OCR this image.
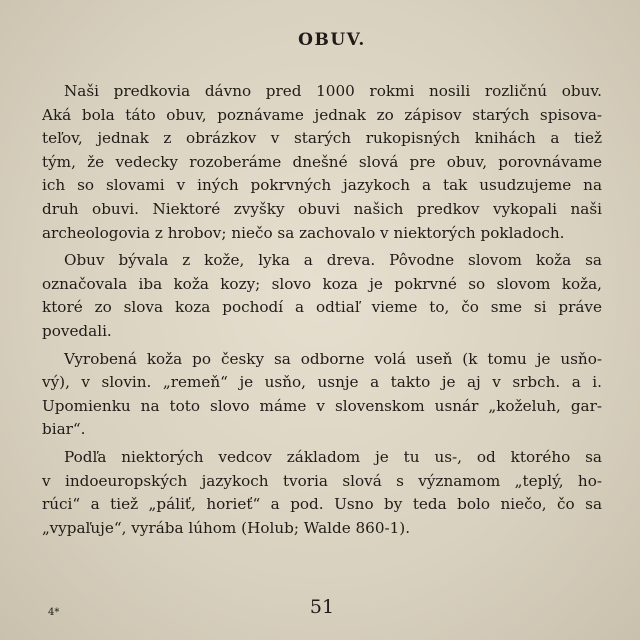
OBUV.

Naši predkovia dávno pred 1000 rokmi nosili rozličnú obuv.
Aká bola táto obuv, poznávame jednak zo zápisov starých spisova-
teľov, jednak z obrázkov v starých rukopisných knihách a tiež
tým, že vedecky rozoberáme dnešné slová pre obuv, porovnávame
ich so slovami v iných pokrvných jazykoch a tak usudzujeme na
druh obuvi. Niektoré zvyšky obuvi našich predkov vykopali naši
archeologovia z hrobov; niečo sa zachovalo v niektorých pokladoch.

Obuv bývala z kože, lyka a dreva. Pôvodne slovom koža sa
označovala iba koža kozy; slovo koza je pokrvné so slovom koža,
ktoré zo slova koza pochodí a odtiaľ vieme to, čo sme si práve
povedali.

Vyrobená koža po česky sa odborne volá useň (k tomu je usňo-
vý), v slovin. „remeň“ je usňo, usnje a takto je aj v srbch. a i.
Upomienku na toto slovo máme v slovenskom usnár „koželuh, gar-
biar“.

Podľa niektorých vedcov základom je tu us-, od ktorého sa
v indoeuropských jazykoch tvoria slová s významom „teplý, ho-
rúci“ a tiež „páliť, horieť“ a pod. Usno by teda bolo niečo, čo sa
„vypaľuje“, vyrába lúhom (Holub; Walde 860-1).

4*	51
